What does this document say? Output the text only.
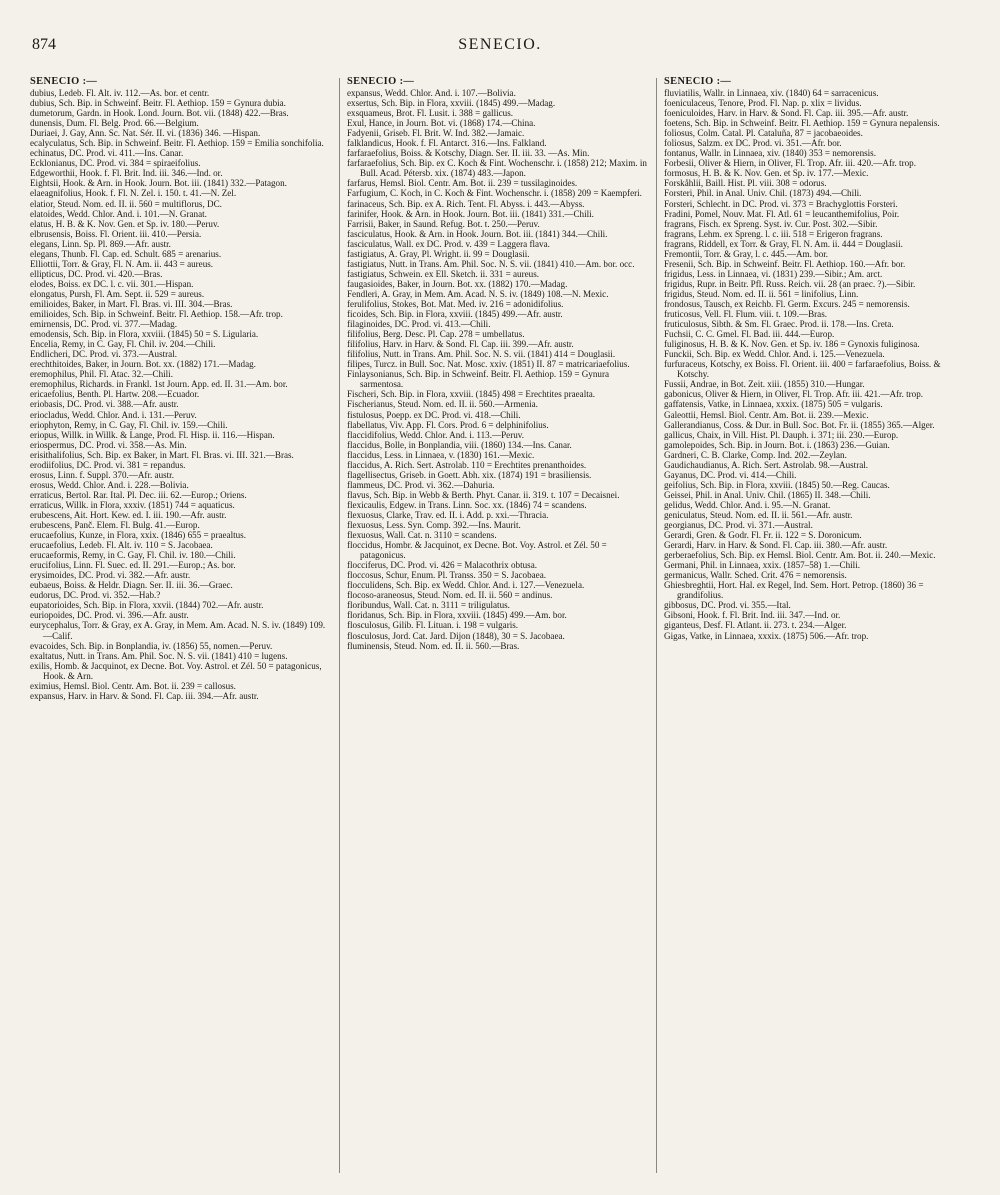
874	SENECIO.
SENECIO :—

dubius, Ledeb. Fl. Alt. iv. 112.—As. bor. et centr.

dubius, Sch. Bip. in Schweinf. Beitr. Fl. Aethiop. 159 = Gynura dubia.

dumetorum, Gardn. in Hook. Lond. Journ. Bot. vii. (1848) 422.—Bras.

dunensis, Dum. Fl. Belg. Prod. 66.—Belgium.

Duriaei, J. Gay, Ann. Sc. Nat. Sér. II. vi. (1836) 346. —Hispan.

ecalyculatus, Sch. Bip. in Schweinf. Beitr. Fl. Aethiop. 159 = Emilia sonchifolia.

echinatus, DC. Prod. vi. 411.—Ins. Canar.

Ecklonianus, DC. Prod. vi. 384 = spiraeifolius.

Edgeworthii, Hook. f. Fl. Brit. Ind. iii. 346.—Ind. or.

Eightsii, Hook. & Arn. in Hook. Journ. Bot. iii. (1841) 332.—Patagon.

elaeagnifolius, Hook. f. Fl. N. Zel. i. 150. t. 41.—N. Zel.

elatior, Steud. Nom. ed. II. ii. 560 = multiflorus, DC.

elatoides, Wedd. Chlor. And. i. 101.—N. Granat.

elatus, H. B. & K. Nov. Gen. et Sp. iv. 180.—Peruv.

elbrusensis, Boiss. Fl. Orient. iii. 410.—Persia.

elegans, Linn. Sp. Pl. 869.—Afr. austr.

elegans, Thunb. Fl. Cap. ed. Schult. 685 = arenarius.

Elliottii, Torr. & Gray, Fl. N. Am. ii. 443 = aureus.

ellipticus, DC. Prod. vi. 420.—Bras.

elodes, Boiss. ex DC. l. c. vii. 301.—Hispan.

elongatus, Pursh, Fl. Am. Sept. ii. 529 = aureus.

emilioides, Baker, in Mart. Fl. Bras. vi. III. 304.—Bras.

emilioides, Sch. Bip. in Schweinf. Beitr. Fl. Aethiop. 158.—Afr. trop.

emirnensis, DC. Prod. vi. 377.—Madag.

emodensis, Sch. Bip. in Flora, xxviii. (1845) 50 = S. Ligularia.

Encelia, Remy, in C. Gay, Fl. Chil. iv. 204.—Chili.

Endlicheri, DC. Prod. vi. 373.—Austral.

erechthitoides, Baker, in Journ. Bot. xx. (1882) 171.—Madag.

eremophilus, Phil. Fl. Atac. 32.—Chili.

eremophilus, Richards. in Frankl. 1st Journ. App. ed. II. 31.—Am. bor.

ericaefolius, Benth. Pl. Hartw. 208.—Ecuador.

eriobasis, DC. Prod. vi. 388.—Afr. austr.

eriocladus, Wedd. Chlor. And. i. 131.—Peruv.

eriophyton, Remy, in C. Gay, Fl. Chil. iv. 159.—Chili.

eriopus, Willk. in Willk. & Lange, Prod. Fl. Hisp. ii. 116.—Hispan.

eriospermus, DC. Prod. vi. 358.—As. Min.

erisithalifolius, Sch. Bip. ex Baker, in Mart. Fl. Bras. vi. III. 321.—Bras.

erodiifolius, DC. Prod. vi. 381 = repandus.

erosus, Linn. f. Suppl. 370.—Afr. austr.

erosus, Wedd. Chlor. And. i. 228.—Bolivia.

erraticus, Bertol. Rar. Ital. Pl. Dec. iii. 62.—Europ.; Oriens.

erraticus, Willk. in Flora, xxxiv. (1851) 744 = aquaticus.

erubescens, Ait. Hort. Kew. ed. I. iii. 190.—Afr. austr.

erubescens, Panč. Elem. Fl. Bulg. 41.—Europ.

erucaefolius, Kunze, in Flora, xxix. (1846) 655 = praealtus.

erucaefolius, Ledeb. Fl. Alt. iv. 110 = S. Jacobaea.

erucaeformis, Remy, in C. Gay, Fl. Chil. iv. 180.—Chili.

erucifolius, Linn. Fl. Suec. ed. II. 291.—Europ.; As. bor.

erysimoides, DC. Prod. vi. 382.—Afr. austr.

eubaeus, Boiss. & Heldr. Diagn. Ser. II. iii. 36.—Graec.

eudorus, DC. Prod. vi. 352.—Hab.?

eupatorioides, Sch. Bip. in Flora, xxvii. (1844) 702.—Afr. austr.

euriopoides, DC. Prod. vi. 396.—Afr. austr.

eurycephalus, Torr. & Gray, ex A. Gray, in Mem. Am. Acad. N. S. iv. (1849) 109.—Calif.

evacoides, Sch. Bip. in Bonplandia, iv. (1856) 55, nomen.—Peruv.

exaltatus, Nutt. in Trans. Am. Phil. Soc. N. S. vii. (1841) 410 = lugens.

exilis, Homb. & Jacquinot, ex Decne. Bot. Voy. Astrol. et Zél. 50 = patagonicus, Hook. & Arn.

eximius, Hemsl. Biol. Centr. Am. Bot. ii. 239 = callosus.

expansus, Harv. in Harv. & Sond. Fl. Cap. iii. 394.—Afr. austr.

SENECIO :—

expansus, Wedd. Chlor. And. i. 107.—Bolivia.

exsertus, Sch. Bip. in Flora, xxviii. (1845) 499.—Madag.

exsquameus, Brot. Fl. Lusit. i. 388 = gallicus.

Exul, Hance, in Journ. Bot. vi. (1868) 174.—China.

Fadyenii, Griseb. Fl. Brit. W. Ind. 382.—Jamaic.

falklandicus, Hook. f. Fl. Antarct. 316.—Ins. Falkland.

farfaraefolius, Boiss. & Kotschy, Diagn. Ser. II. iii. 33. —As. Min.

farfaraefolius, Sch. Bip. ex C. Koch & Fint. Wochenschr. i. (1858) 212; Maxim. in Bull. Acad. Pétersb. xix. (1874) 483.—Japon.

farfarus, Hemsl. Biol. Centr. Am. Bot. ii. 239 = tussilaginoides.

Farfugium, C. Koch, in C. Koch & Fint. Wochenschr. i. (1858) 209 = Kaempferi.

farinaceus, Sch. Bip. ex A. Rich. Tent. Fl. Abyss. i. 443.—Abyss.

farinifer, Hook. & Arn. in Hook. Journ. Bot. iii. (1841) 331.—Chili.

Farrisii, Baker, in Saund. Refug. Bot. t. 250.—Peruv.

fasciculatus, Hook. & Arn. in Hook. Journ. Bot. iii. (1841) 344.—Chili.

fasciculatus, Wall. ex DC. Prod. v. 439 = Laggera flava.

fastigiatus, A. Gray, Pl. Wright. ii. 99 = Douglasii.

fastigiatus, Nutt. in Trans. Am. Phil. Soc. N. S. vii. (1841) 410.—Am. bor. occ.

fastigiatus, Schwein. ex Ell. Sketch. ii. 331 = aureus.

faugasioides, Baker, in Journ. Bot. xx. (1882) 170.—Madag.

Fendleri, A. Gray, in Mem. Am. Acad. N. S. iv. (1849) 108.—N. Mexic.

ferulifolius, Stokes, Bot. Mat. Med. iv. 216 = adonidifolius.

ficoides, Sch. Bip. in Flora, xxviii. (1845) 499.—Afr. austr.

filaginoides, DC. Prod. vi. 413.—Chili.

filifolius, Berg. Desc. Pl. Cap. 278 = umbellatus.

filifolius, Harv. in Harv. & Sond. Fl. Cap. iii. 399.—Afr. austr.

filifolius, Nutt. in Trans. Am. Phil. Soc. N. S. vii. (1841) 414 = Douglasii.

filipes, Turcz. in Bull. Soc. Nat. Mosc. xxiv. (1851) II. 87 = matricariaefolius.

Finlaysonianus, Sch. Bip. in Schweinf. Beitr. Fl. Aethiop. 159 = Gynura sarmentosa.

Fischeri, Sch. Bip. in Flora, xxviii. (1845) 498 = Erechtites praealta.

Fischerianus, Steud. Nom. ed. II. ii. 560.—Armenia.

fistulosus, Poepp. ex DC. Prod. vi. 418.—Chili.

flabellatus, Viv. App. Fl. Cors. Prod. 6 = delphinifolius.

flaccidifolius, Wedd. Chlor. And. i. 113.—Peruv.

flaccidus, Bolle, in Bonplandia, viii. (1860) 134.—Ins. Canar.

flaccidus, Less. in Linnaea, v. (1830) 161.—Mexic.

flaccidus, A. Rich. Sert. Astrolab. 110 = Erechtites prenanthoides.

flagellisectus, Griseb. in Goett. Abh. xix. (1874) 191 = brasiliensis.

flammeus, DC. Prod. vi. 362.—Dahuria.

flavus, Sch. Bip. in Webb & Berth. Phyt. Canar. ii. 319. t. 107 = Decaisnei.

flexicaulis, Edgew. in Trans. Linn. Soc. xx. (1846) 74 = scandens.

flexuosus, Clarke, Trav. ed. II. i. Add. p. xxi.—Thracia.

flexuosus, Less. Syn. Comp. 392.—Ins. Maurit.

flexuosus, Wall. Cat. n. 3110 = scandens.

floccidus, Hombr. & Jacquinot, ex Decne. Bot. Voy. Astrol. et Zél. 50 = patagonicus.

flocciferus, DC. Prod. vi. 426 = Malacothrix obtusa.

floccosus, Schur, Enum. Pl. Transs. 350 = S. Jacobaea.

flocculidens, Sch. Bip. ex Wedd. Chlor. And. i. 127.—Venezuela.

flocoso-araneosus, Steud. Nom. ed. II. ii. 560 = andinus.

floribundus, Wall. Cat. n. 3111 = triligulatus.

floridanus, Sch. Bip. in Flora, xxviii. (1845) 499.—Am. bor.

flosculosus, Gilib. Fl. Lituan. i. 198 = vulgaris.

flosculosus, Jord. Cat. Jard. Dijon (1848), 30 = S. Jacobaea.

fluminensis, Steud. Nom. ed. II. ii. 560.—Bras.

SENECIO :—

fluviatilis, Wallr. in Linnaea, xiv. (1840) 64 = sarracenicus.

foeniculaceus, Tenore, Prod. Fl. Nap. p. xlix = lividus.

foeniculoides, Harv. in Harv. & Sond. Fl. Cap. iii. 395.—Afr. austr.

foetens, Sch. Bip. in Schweinf. Beitr. Fl. Aethiop. 159 = Gynura nepalensis.

foliosus, Colm. Catal. Pl. Cataluña, 87 = jacobaeoides.

foliosus, Salzm. ex DC. Prod. vi. 351.—Afr. bor.

fontanus, Wallr. in Linnaea, xiv. (1840) 353 = nemorensis.

Forbesii, Oliver & Hiern, in Oliver, Fl. Trop. Afr. iii. 420.—Afr. trop.

formosus, H. B. & K. Nov. Gen. et Sp. iv. 177.—Mexic.

Forskåhlii, Baill. Hist. Pl. viii. 308 = odorus.

Forsteri, Phil. in Anal. Univ. Chil. (1873) 494.—Chili.

Forsteri, Schlecht. in DC. Prod. vi. 373 = Brachyglottis Forsteri.

Fradini, Pomel, Nouv. Mat. Fl. Atl. 61 = leucanthemifolius, Poir.

fragrans, Fisch. ex Spreng. Syst. iv. Cur. Post. 302.—Sibir.

fragrans, Lehm. ex Spreng. l. c. iii. 518 = Erigeron fragrans.

fragrans, Riddell, ex Torr. & Gray, Fl. N. Am. ii. 444 = Douglasii.

Fremontii, Torr. & Gray, l. c. 445.—Am. bor.

Fresenii, Sch. Bip. in Schweinf. Beitr. Fl. Aethiop. 160.—Afr. bor.

frigidus, Less. in Linnaea, vi. (1831) 239.—Sibir.; Am. arct.

frigidus, Rupr. in Beitr. Pfl. Russ. Reich. vii. 28 (an praec. ?).—Sibir.

frigidus, Steud. Nom. ed. II. ii. 561 = linifolius, Linn.

frondosus, Tausch, ex Reichb. Fl. Germ. Excurs. 245 = nemorensis.

fruticosus, Vell. Fl. Flum. viii. t. 109.—Bras.

fruticulosus, Sibth. & Sm. Fl. Graec. Prod. ii. 178.—Ins. Creta.

Fuchsii, C. C. Gmel. Fl. Bad. iii. 444.—Europ.

fuliginosus, H. B. & K. Nov. Gen. et Sp. iv. 186 = Gynoxis fuliginosa.

Funckii, Sch. Bip. ex Wedd. Chlor. And. i. 125.—Venezuela.

furfuraceus, Kotschy, ex Boiss. Fl. Orient. iii. 400 = farfaraefolius, Boiss. & Kotschy.

Fussii, Andrae, in Bot. Zeit. xiii. (1855) 310.—Hungar.

gabonicus, Oliver & Hiern, in Oliver, Fl. Trop. Afr. iii. 421.—Afr. trop.

gaffatensis, Vatke, in Linnaea, xxxix. (1875) 505 = vulgaris.

Galeottii, Hemsl. Biol. Centr. Am. Bot. ii. 239.—Mexic.

Gallerandianus, Coss. & Dur. in Bull. Soc. Bot. Fr. ii. (1855) 365.—Alger.

gallicus, Chaix, in Vill. Hist. Pl. Dauph. i. 371; iii. 230.—Europ.

gamolepoides, Sch. Bip. in Journ. Bot. i. (1863) 236.—Guian.

Gardneri, C. B. Clarke, Comp. Ind. 202.—Zeylan.

Gaudichaudianus, A. Rich. Sert. Astrolab. 98.—Austral.

Gayanus, DC. Prod. vi. 414.—Chili.

geifolius, Sch. Bip. in Flora, xxviii. (1845) 50.—Reg. Caucas.

Geissei, Phil. in Anal. Univ. Chil. (1865) II. 348.—Chili.

gelidus, Wedd. Chlor. And. i. 95.—N. Granat.

geniculatus, Steud. Nom. ed. II. ii. 561.—Afr. austr.

georgianus, DC. Prod. vi. 371.—Austral.

Gerardi, Gren. & Godr. Fl. Fr. ii. 122 = S. Doronicum.

Gerardi, Harv. in Harv. & Sond. Fl. Cap. iii. 380.—Afr. austr.

gerberaefolius, Sch. Bip. ex Hemsl. Biol. Centr. Am. Bot. ii. 240.—Mexic.

Germani, Phil. in Linnaea, xxix. (1857–58) 1.—Chili.

germanicus, Wallr. Sched. Crit. 476 = nemorensis.

Ghiesbreghtii, Hort. Hal. ex Regel, Ind. Sem. Hort. Petrop. (1860) 36 = grandifolius.

gibbosus, DC. Prod. vi. 355.—Ital.

Gibsoni, Hook. f. Fl. Brit. Ind. iii. 347.—Ind. or.

giganteus, Desf. Fl. Atlant. ii. 273. t. 234.—Alger.

Gigas, Vatke, in Linnaea, xxxix. (1875) 506.—Afr. trop.
